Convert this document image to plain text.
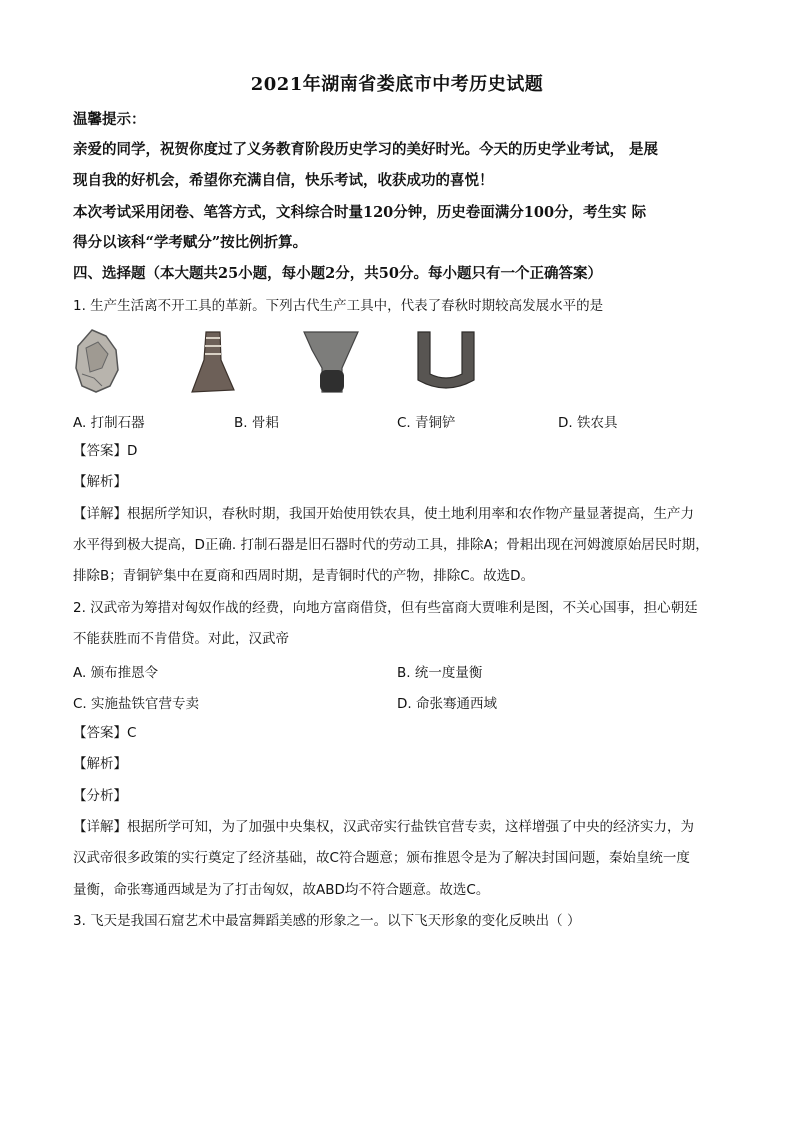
2021年湖南省娄底市中考历史试题
温馨提示：
亲爱的同学，祝贺你度过了义务教育阶段历史学习的美好时光。今天的历史学业考试， 是展
现自我的好机会，希望你充满自信，快乐考试，收获成功的喜悦！
本次考试采用闭卷、笔答方式，文科综合时量120分钟，历史卷面满分100分，考生实 际
得分以该科“学考赋分”按比例折算。
四、选择题（本大题共25小题，每小题2分，共50分。每小题只有一个正确答案）
1. 生产生活离不开工具的革新。下列古代生产工具中，代表了春秋时期较高发展水平的是
A. 打制石器	B. 骨耜	C. 青铜铲	D. 铁农具
【答案】D
【解析】
【详解】根据所学知识，春秋时期，我国开始使用铁农具，使土地利用率和农作物产量显著提高，生产力
水平得到极大提高，D正确. 打制石器是旧石器时代的劳动工具，排除A；骨耜出现在河姆渡原始居民时期，
排除B；青铜铲集中在夏商和西周时期，是青铜时代的产物，排除C。故选D。
2. 汉武帝为筹措对匈奴作战的经费，向地方富商借贷，但有些富商大贾唯利是图，不关心国事，担心朝廷
不能获胜而不肯借贷。对此，汉武帝
A. 颁布推恩令	B. 统一度量衡
C. 实施盐铁官营专卖	D. 命张骞通西域
【答案】C
【解析】
【分析】
【详解】根据所学可知，为了加强中央集权，汉武帝实行盐铁官营专卖，这样增强了中央的经济实力，为
汉武帝很多政策的实行奠定了经济基础，故C符合题意；颁布推恩令是为了解决封国问题，秦始皇统一度
量衡，命张骞通西域是为了打击匈奴，故ABD均不符合题意。故选C。
3. 飞天是我国石窟艺术中最富舞蹈美感的形象之一。以下飞天形象的变化反映出（ ）
